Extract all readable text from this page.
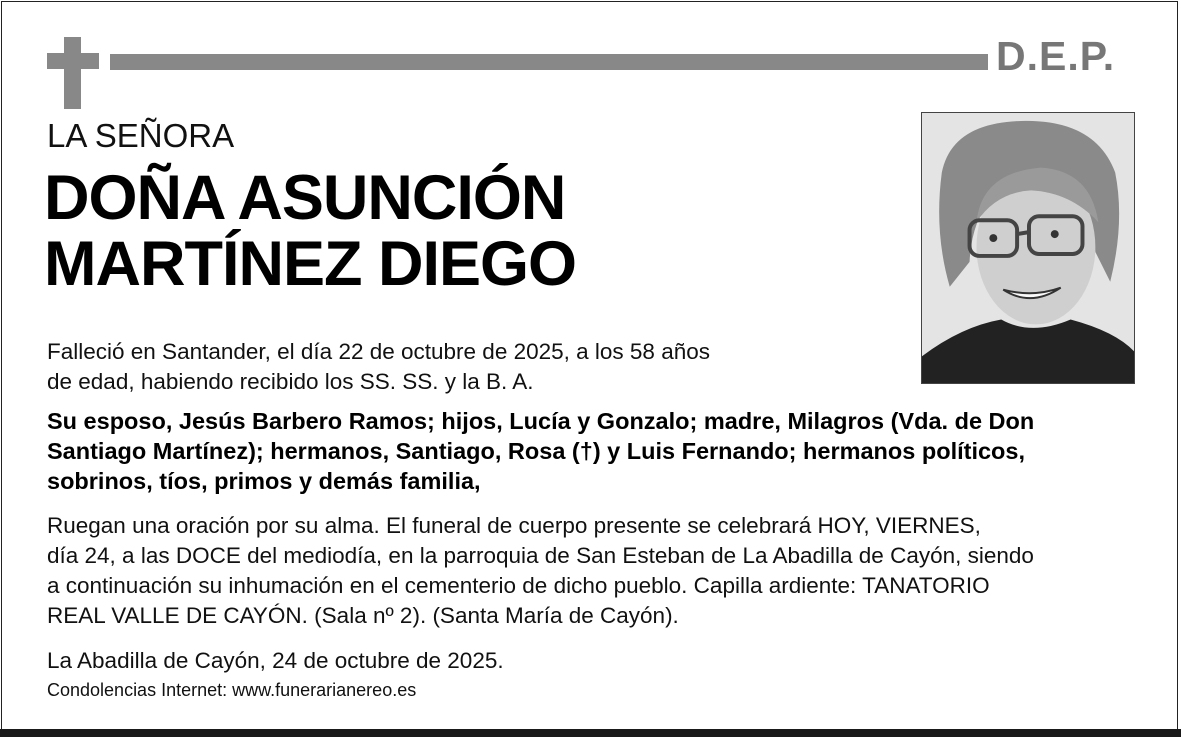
D.E.P.
LA SEÑORA
DOÑA ASUNCIÓN
MARTÍNEZ DIEGO

Falleció en Santander, el día 22 de octubre de 2025, a los 58 años
de edad, habiendo recibido los SS. SS. y la B. A.

Su esposo, Jesús Barbero Ramos; hijos, Lucía y Gonzalo; madre, Milagros (Vda. de Don
Santiago Martínez); hermanos, Santiago, Rosa (†) y Luis Fernando; hermanos políticos,
sobrinos, tíos, primos y demás familia,

Ruegan una oración por su alma. El funeral de cuerpo presente se celebrará HOY, VIERNES,
día 24, a las DOCE del mediodía, en la parroquia de San Esteban de La Abadilla de Cayón, siendo
a continuación su inhumación en el cementerio de dicho pueblo. Capilla ardiente: TANATORIO
REAL VALLE DE CAYÓN. (Sala nº 2). (Santa María de Cayón).

La Abadilla de Cayón, 24 de octubre de 2025.

Condolencias Internet: www.funerarianereo.es
